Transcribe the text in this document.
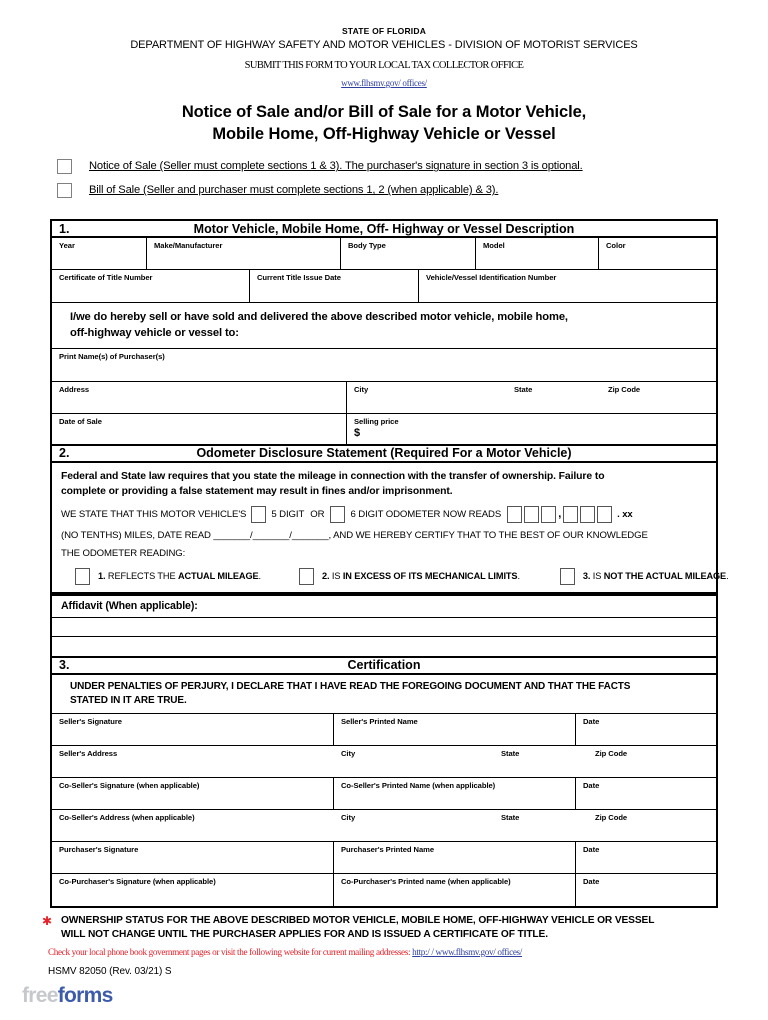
STATE OF FLORIDA
DEPARTMENT OF HIGHWAY SAFETY AND MOTOR VEHICLES - DIVISION OF MOTORIST SERVICES
SUBMIT THIS FORM TO YOUR LOCAL TAX COLLECTOR OFFICE
www.flhsmv.gov/ offices/
Notice of Sale and/or Bill of Sale for a Motor Vehicle,
Mobile Home, Off-Highway Vehicle or Vessel
Notice of Sale (Seller must complete sections 1 & 3). The purchaser's signature in section 3 is optional.
Bill of Sale (Seller and purchaser must complete sections 1, 2 (when applicable) & 3).
1.	Motor Vehicle, Mobile Home, Off- Highway or Vessel Description
Year	Make/Manufacturer	Body Type	Model	Color
Certificate of Title Number	Current Title Issue Date	Vehicle/Vessel Identification Number
I/we do hereby sell or have sold and delivered the above described motor vehicle, mobile home,
off-highway vehicle or vessel to:
Print Name(s) of Purchaser(s)
Address	City	State	Zip Code
Date of Sale	Selling price
$
2.	Odometer Disclosure Statement (Required For a Motor Vehicle)
Federal and State law requires that you state the mileage in connection with the transfer of ownership. Failure to
complete or providing a false statement may result in fines and/or imprisonment.
WE STATE THAT THIS MOTOR VEHICLE'S	5 DIGIT OR	6 DIGIT ODOMETER NOW READS	,	. xx
(NO TENTHS) MILES, DATE READ _______/_______/_______, AND WE HEREBY CERTIFY THAT TO THE BEST OF OUR KNOWLEDGE
THE ODOMETER READING:
1. REFLECTS THE ACTUAL MILEAGE.	2. IS IN EXCESS OF ITS MECHANICAL LIMITS.	3. IS NOT THE ACTUAL MILEAGE.
Affidavit (When applicable):
3.	Certification
UNDER PENALTIES OF PERJURY, I DECLARE THAT I HAVE READ THE FOREGOING DOCUMENT AND THAT THE FACTS
STATED IN IT ARE TRUE.
Seller's Signature	Seller's Printed Name	Date
Seller's Address	City	State	Zip Code
Co-Seller's Signature (when applicable)	Co-Seller's Printed Name (when applicable)	Date
Co-Seller's Address (when applicable)	City	State	Zip Code
Purchaser's Signature	Purchaser's Printed Name	Date
Co-Purchaser's Signature (when applicable)	Co-Purchaser's Printed name (when applicable)	Date
✱ OWNERSHIP STATUS FOR THE ABOVE DESCRIBED MOTOR VEHICLE, MOBILE HOME, OFF-HIGHWAY VEHICLE OR VESSEL
WILL NOT CHANGE UNTIL THE PURCHASER APPLIES FOR AND IS ISSUED A CERTIFICATE OF TITLE.
Check your local phone book government pages or visit the following website for current mailing addresses: http:/ / www.flhsmv.gov/ offices/
HSMV 82050 (Rev. 03/21) S
freeforms
